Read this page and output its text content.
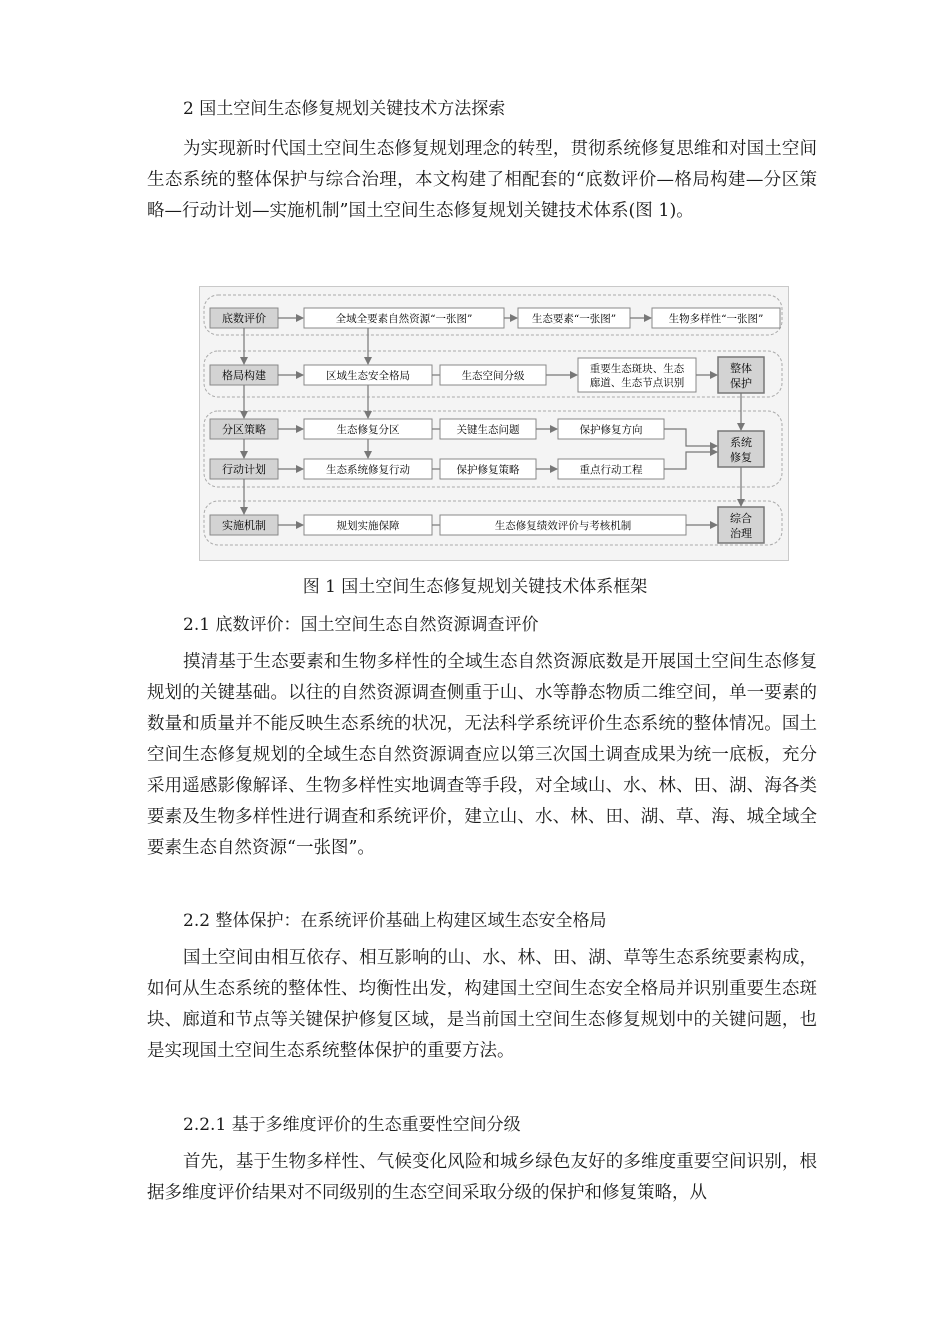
2 国土空间生态修复规划关键技术方法探索

为实现新时代国土空间生态修复规划理念的转型，贯彻系统修复思维和对国土空间生态系统的整体保护与综合治理，本文构建了相配套的“底数评价—格局构建—分区策略—行动计划—实施机制”国土空间生态修复规划关键技术体系(图 1)。

底数评价
格局构建
分区策略
行动计划
实施机制
全域全要素自然资源“一张图”	生态要素“一张图”	生物多样性“一张图”
区域生态安全格局	生态空间分级
重要生态斑块、生态
廊道、生态节点识别
生态修复分区	关键生态问题	保护修复方向
生态系统修复行动	保护修复策略	重点行动工程
规划实施保障	生态修复绩效评价与考核机制
整体
保护
系统
修复
综合
治理

图 1 国土空间生态修复规划关键技术体系框架

2.1 底数评价：国土空间生态自然资源调查评价

摸清基于生态要素和生物多样性的全域生态自然资源底数是开展国土空间生态修复规划的关键基础。以往的自然资源调查侧重于山、水等静态物质二维空间，单一要素的数量和质量并不能反映生态系统的状况，无法科学系统评价生态系统的整体情况。国土空间生态修复规划的全域生态自然资源调查应以第三次国土调查成果为统一底板，充分采用遥感影像解译、生物多样性实地调查等手段，对全域山、水、林、田、湖、海各类要素及生物多样性进行调查和系统评价，建立山、水、林、田、湖、草、海、城全域全要素生态自然资源“一张图”。

2.2 整体保护：在系统评价基础上构建区域生态安全格局

国土空间由相互依存、相互影响的山、水、林、田、湖、草等生态系统要素构成，如何从生态系统的整体性、均衡性出发，构建国土空间生态安全格局并识别重要生态斑块、廊道和节点等关键保护修复区域，是当前国土空间生态修复规划中的关键问题，也是实现国土空间生态系统整体保护的重要方法。

2.2.1 基于多维度评价的生态重要性空间分级

首先，基于生物多样性、气候变化风险和城乡绿色友好的多维度重要空间识别，根据多维度评价结果对不同级别的生态空间采取分级的保护和修复策略，从
